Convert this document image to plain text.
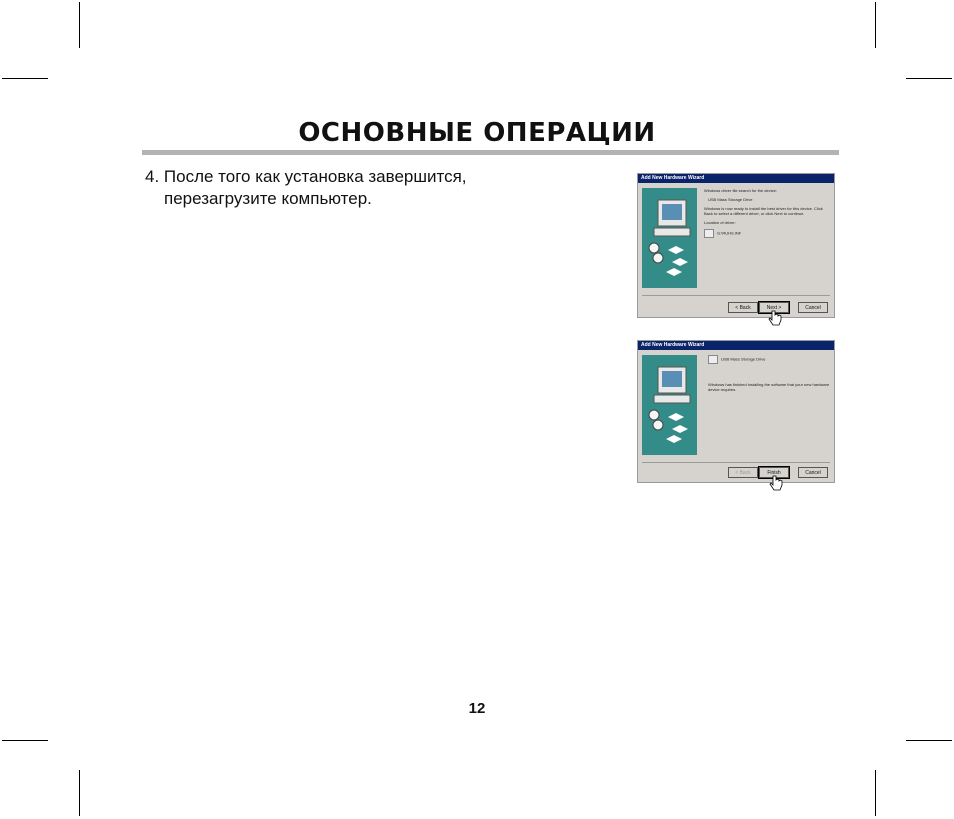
ОСНОВНЫЕ ОПЕРАЦИИ
4. После того как установка завершится,
перезагрузите компьютер.
Add New Hardware Wizard

Windows driver file search for the device:

USB Mass Storage Drive

Windows is now ready to install the best driver for this device. Click Back to select a different driver, or click Next to continue.

Location of driver:

G:\RUHS.INF

< Back	Next >	Cancel
Add New Hardware Wizard

USB Mass Storage Drive

Windows has finished installing the software that your new hardware device requires.

< Back	Finish	Cancel
12
